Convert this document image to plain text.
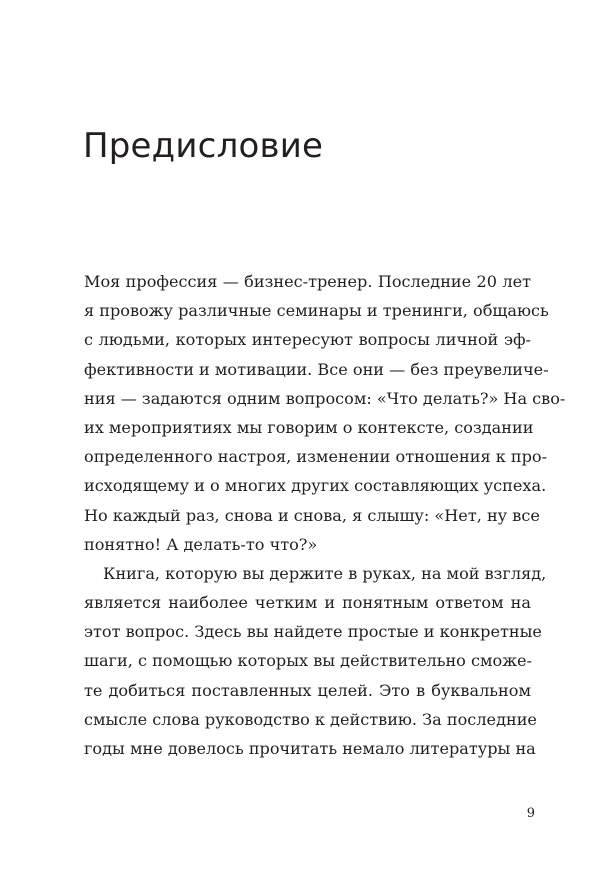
Предисловие
Моя профессия — бизнес-тренер. Последние 20 лет
я провожу различные семинары и тренинги, общаюсь
с людьми, которых интересуют вопросы личной эф-
фективности и мотивации. Все они — без преувеличе-
ния — задаются одним вопросом: «Что делать?» На сво-
их мероприятиях мы говорим о контексте, создании
определенного настроя, изменении отношения к про-
исходящему и о многих других составляющих успеха.
Но каждый раз, снова и снова, я слышу: «Нет, ну все
понятно! А делать-то что?»
Книга, которую вы держите в руках, на мой взгляд,
является наиболее четким и понятным ответом на
этот вопрос. Здесь вы найдете простые и конкретные
шаги, с помощью которых вы действительно сможе-
те добиться поставленных целей. Это в буквальном
смысле слова руководство к действию. За последние
годы мне довелось прочитать немало литературы на
9
